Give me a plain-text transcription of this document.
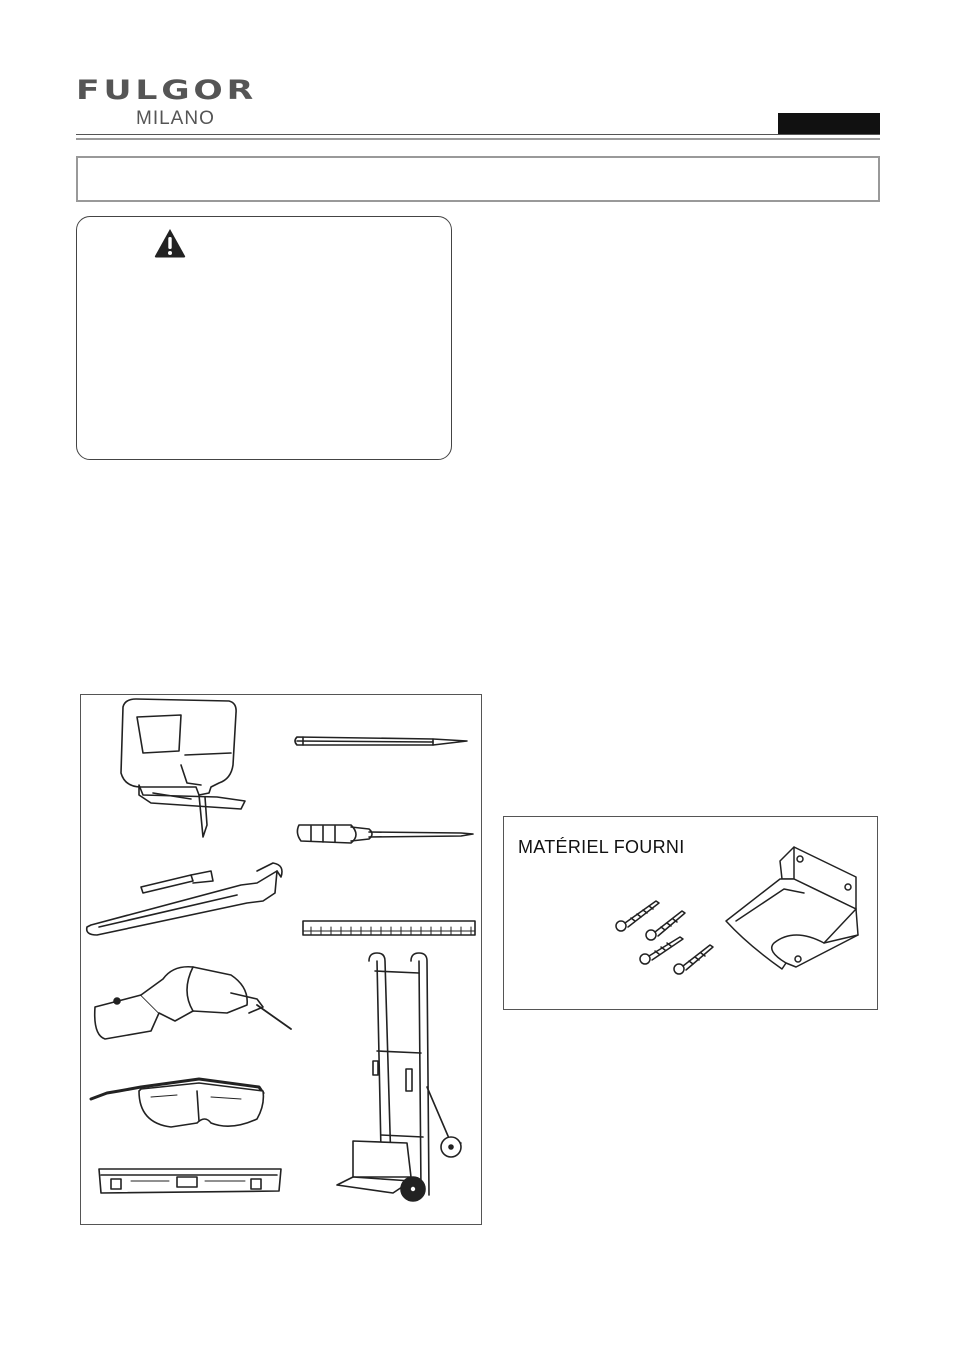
FULGOR
MILANO
MATÉRIEL FOURNI
